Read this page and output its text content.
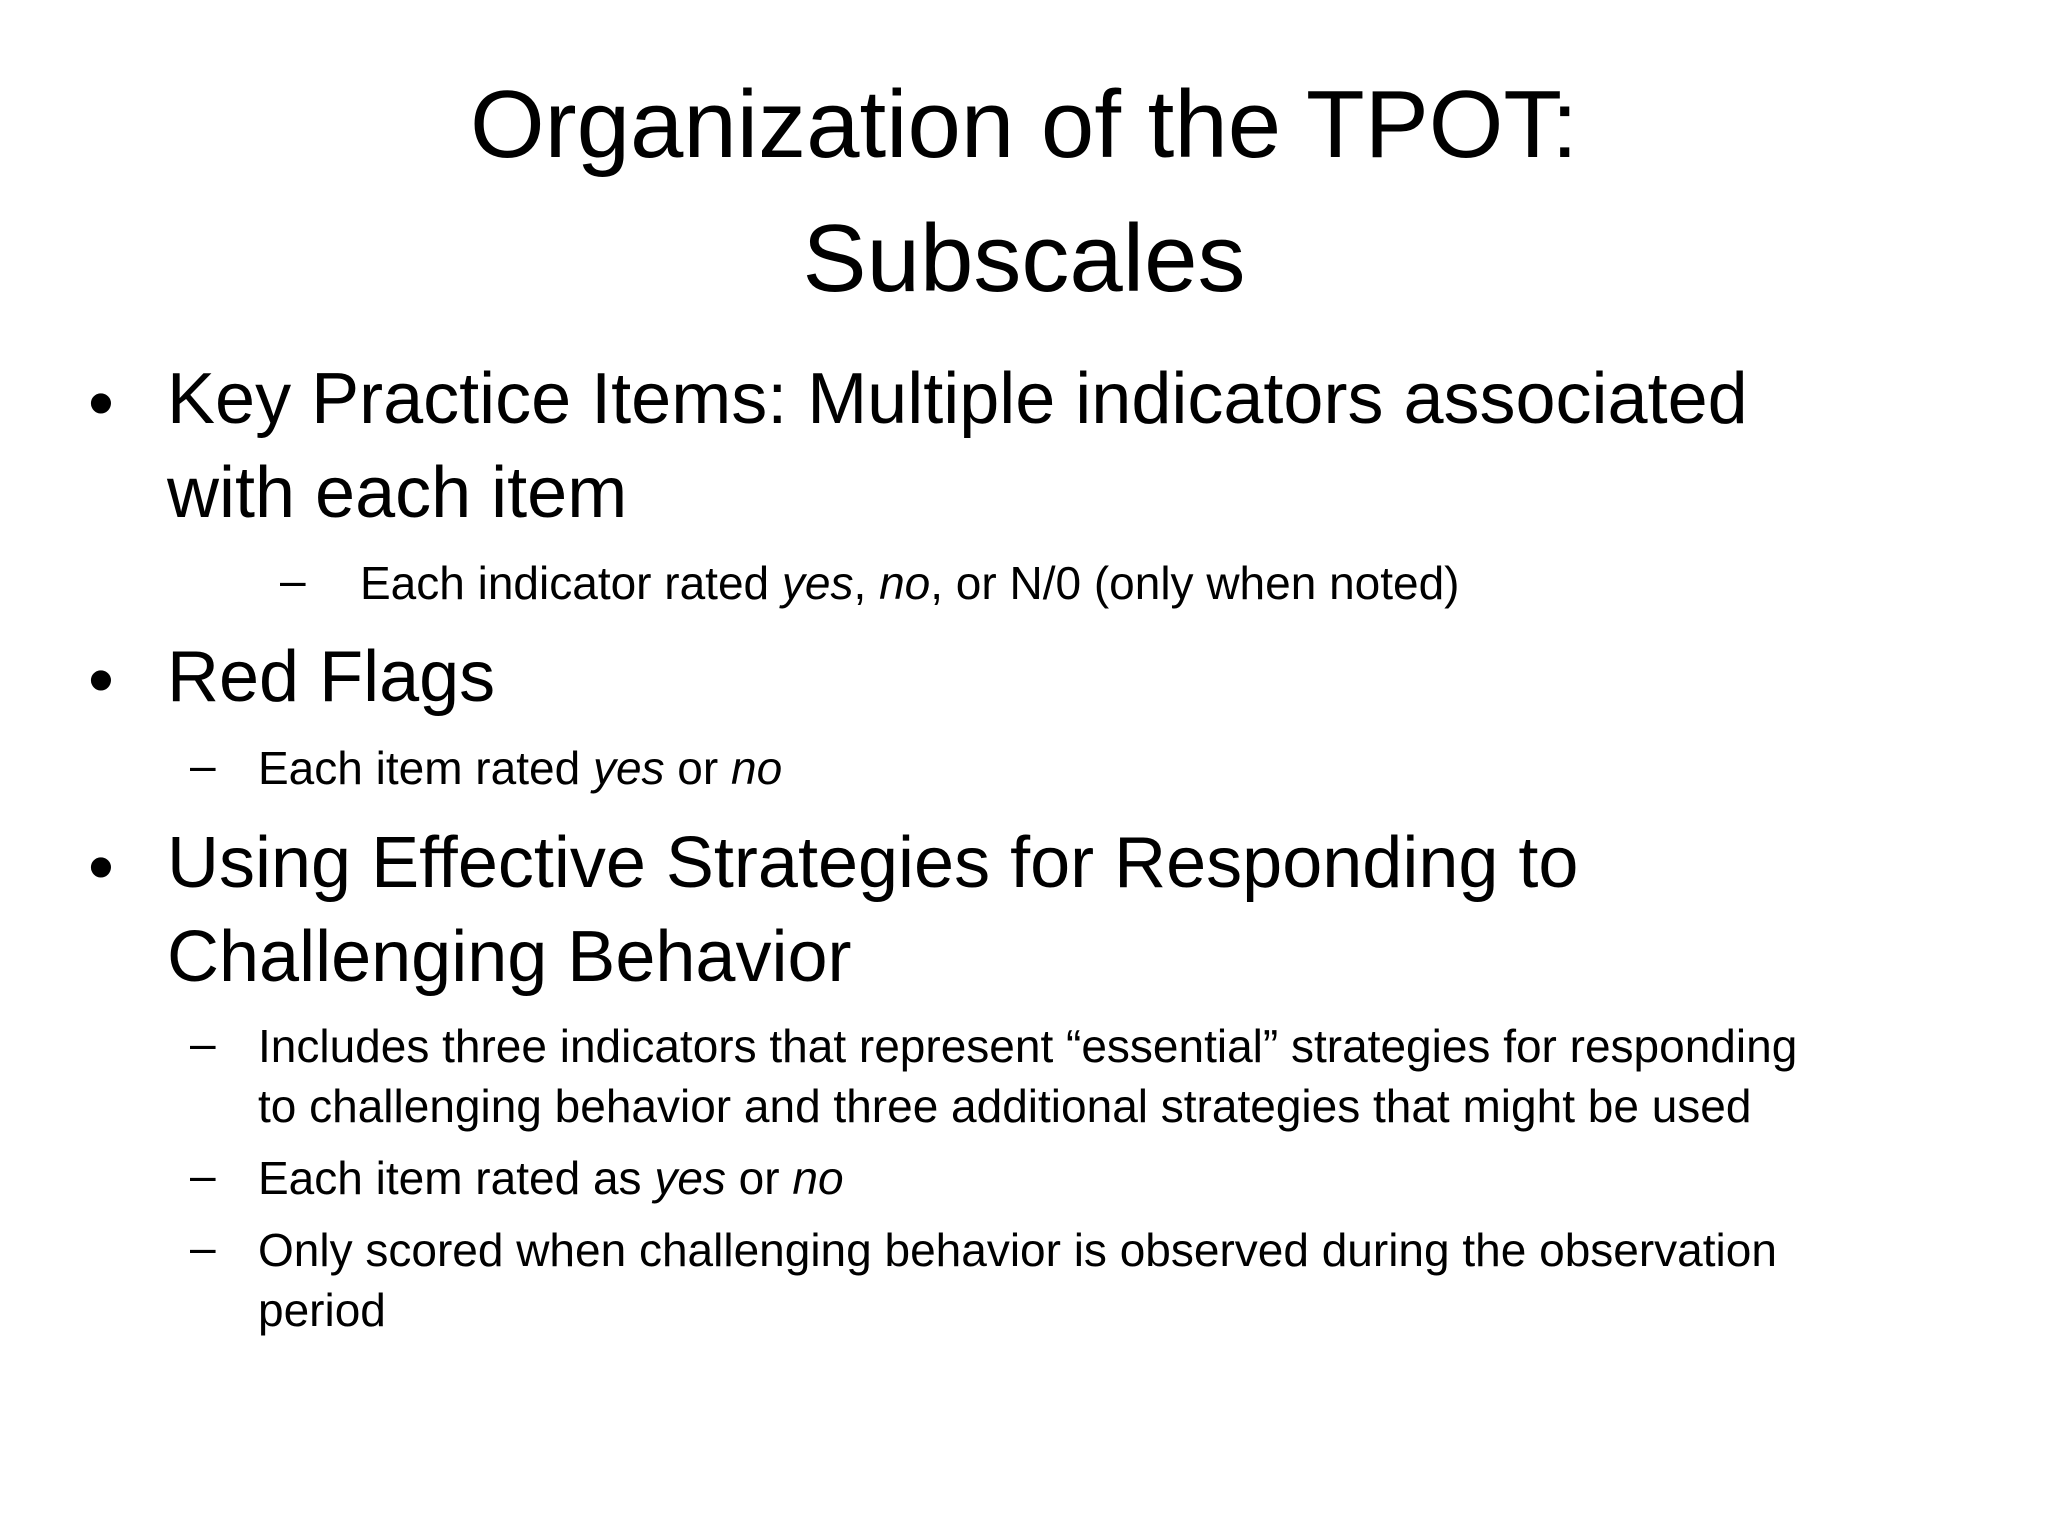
Organization of the TPOT:
Subscales
• Key Practice Items: Multiple indicators associated
with each item
– Each indicator rated yes, no, or N/0 (only when noted)
• Red Flags
– Each item rated yes or no
• Using Effective Strategies for Responding to
Challenging Behavior
– Includes three indicators that represent “essential” strategies for responding
to challenging behavior and three additional strategies that might be used
– Each item rated as yes or no
– Only scored when challenging behavior is observed during the observation
period
